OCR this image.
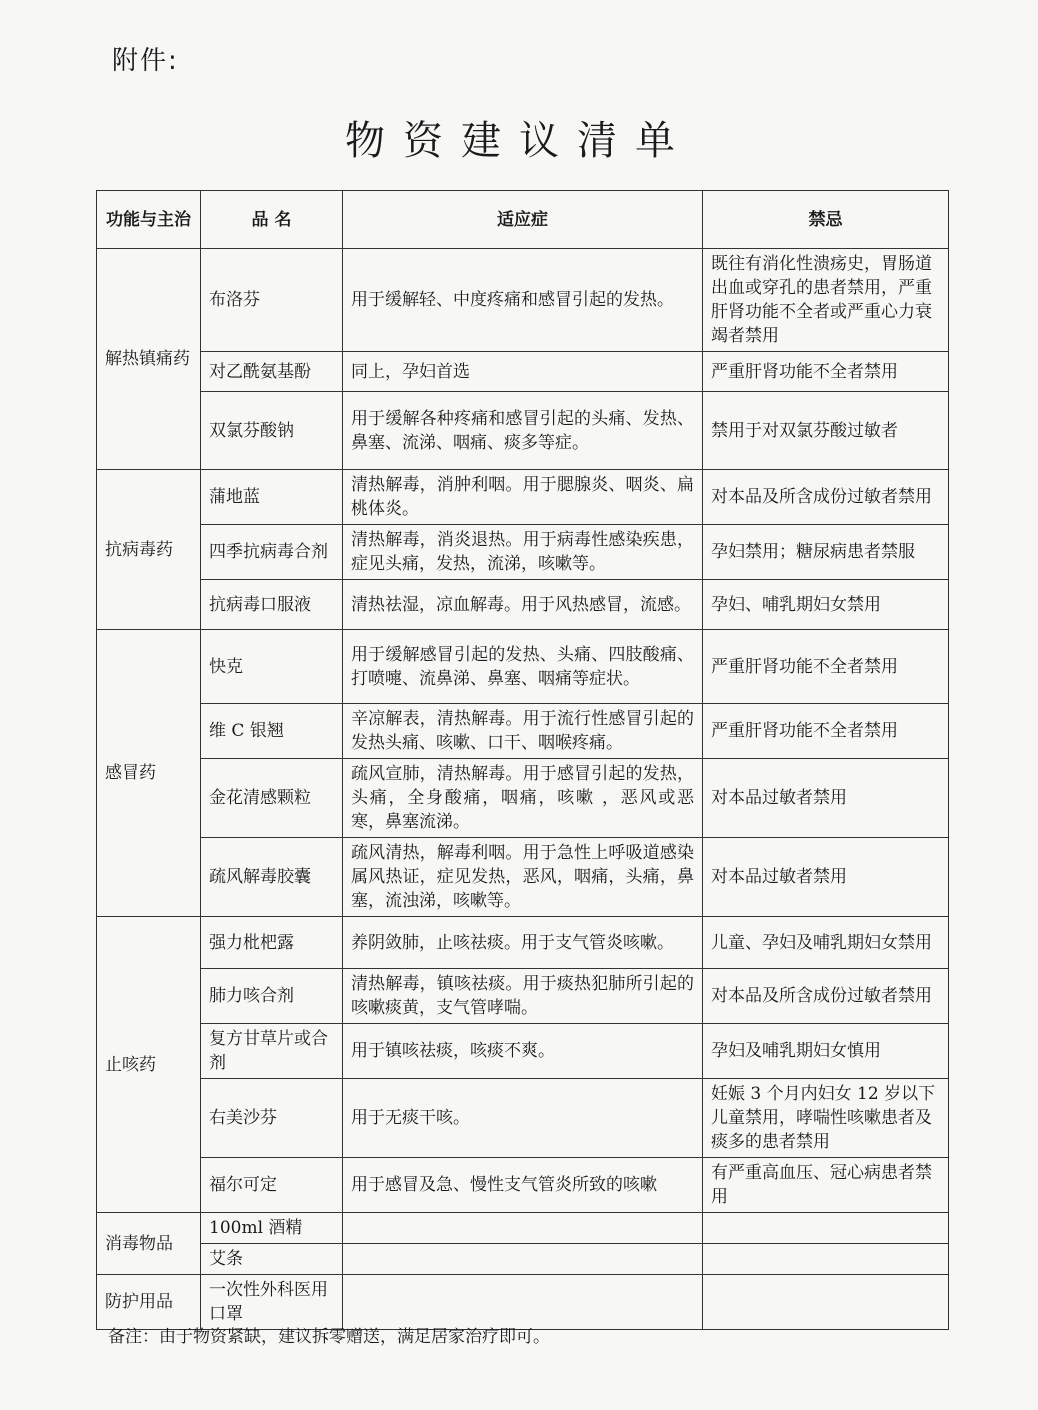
附件:
物资建议清单
功能与主治	品 名	适应症	禁忌
解热镇痛药	布洛芬	用于缓解轻、中度疼痛和感冒引起的发热。	既往有消化性溃疡史，胃肠道出血或穿孔的患者禁用，严重肝肾功能不全者或严重心力衰竭者禁用
	对乙酰氨基酚	同上，孕妇首选	严重肝肾功能不全者禁用
	双氯芬酸钠	用于缓解各种疼痛和感冒引起的头痛、发热、鼻塞、流涕、咽痛、痰多等症。	禁用于对双氯芬酸过敏者
抗病毒药	蒲地蓝	清热解毒，消肿利咽。用于腮腺炎、咽炎、扁桃体炎。	对本品及所含成份过敏者禁用
	四季抗病毒合剂	清热解毒，消炎退热。用于病毒性感染疾患，症见头痛，发热，流涕，咳嗽等。	孕妇禁用；糖尿病患者禁服
	抗病毒口服液	清热祛湿，凉血解毒。用于风热感冒，流感。	孕妇、哺乳期妇女禁用
感冒药	快克	用于缓解感冒引起的发热、头痛、四肢酸痛、打喷嚏、流鼻涕、鼻塞、咽痛等症状。	严重肝肾功能不全者禁用
	维 C 银翘	辛凉解表，清热解毒。用于流行性感冒引起的发热头痛、咳嗽、口干、咽喉疼痛。	严重肝肾功能不全者禁用
	金花清感颗粒	疏风宣肺，清热解毒。用于感冒引起的发热，头痛，全身酸痛，咽痛，咳嗽 ，恶风或恶寒，鼻塞流涕。	对本品过敏者禁用
	疏风解毒胶囊	疏风清热，解毒利咽。用于急性上呼吸道感染属风热证，症见发热，恶风，咽痛，头痛，鼻塞，流浊涕，咳嗽等。	对本品过敏者禁用
止咳药	强力枇杷露	养阴敛肺，止咳祛痰。用于支气管炎咳嗽。	儿童、孕妇及哺乳期妇女禁用
	肺力咳合剂	清热解毒，镇咳祛痰。用于痰热犯肺所引起的咳嗽痰黄，支气管哮喘。	对本品及所含成份过敏者禁用
	复方甘草片或合剂	用于镇咳祛痰，咳痰不爽。	孕妇及哺乳期妇女慎用
	右美沙芬	用于无痰干咳。	妊娠 3 个月内妇女 12 岁以下儿童禁用，哮喘性咳嗽患者及痰多的患者禁用
	福尔可定	用于感冒及急、慢性支气管炎所致的咳嗽	有严重高血压、冠心病患者禁用
消毒物品	100ml 酒精		
	艾条		
防护用品	一次性外科医用口罩		
备注：由于物资紧缺，建议拆零赠送，满足居家治疗即可。
